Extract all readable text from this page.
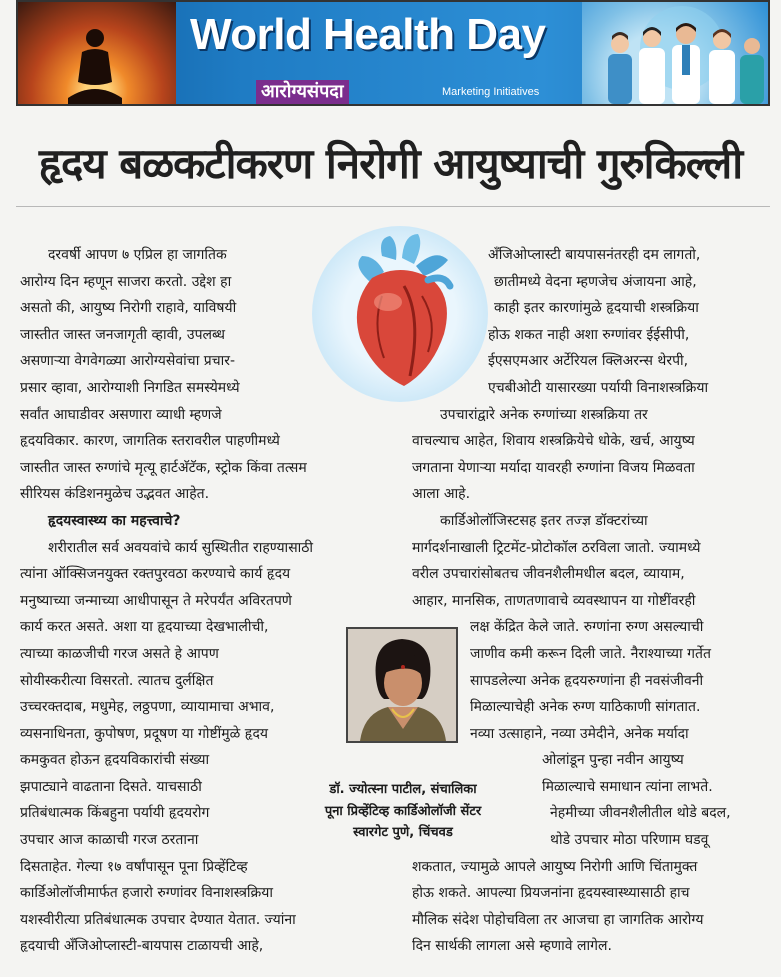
World Health Day
आरोग्यसंपदा	Marketing Initiatives
हृदय बळकटीकरण निरोगी आयुष्याची गुरुकिल्ली
दरवर्षी आपण ७ एप्रिल हा जागतिक
आरोग्य दिन म्हणून साजरा करतो. उद्देश हा
असतो की, आयुष्य निरोगी राहावे, याविषयी
जास्तीत जास्त जनजागृती व्हावी, उपलब्ध
असणाऱ्या वेगवेगळ्या आरोग्यसेवांचा प्रचार-
प्रसार व्हावा, आरोग्याशी निगडित समस्येमध्ये
सर्वांत आघाडीवर असणारा व्याधी म्हणजे
हृदयविकार. कारण, जागतिक स्तरावरील पाहणीमध्ये
जास्तीत जास्त रुग्णांचे मृत्यू हार्टअ‍ॅटॅक, स्ट्रोक किंवा तत्सम
सीरियस कंडिशनमुळेच उद्भवत आहेत.
हृदयस्वास्थ्य का महत्त्वाचे?
शरीरातील सर्व अवयवांचे कार्य सुस्थितीत राहण्यासाठी
त्यांना ऑक्सिजनयुक्त रक्तपुरवठा करण्याचे कार्य हृदय
मनुष्याच्या जन्माच्या आधीपासून ते मरेपर्यंत अविरतपणे
कार्य करत असते. अशा या हृदयाच्या देखभालीची,
त्याच्या काळजीची गरज असते हे आपण
सोयीस्करीत्या विसरतो. त्यातच दुर्लक्षित
उच्चरक्तदाब, मधुमेह, लठ्ठपणा, व्यायामाचा अभाव,
व्यसनाधिनता, कुपोषण, प्रदूषण या गोष्टींमुळे हृदय
कमकुवत होऊन हृदयविकारांची संख्या
झपाट्याने वाढताना दिसते. याचसाठी
प्रतिबंधात्मक किंबहुना पर्यायी हृदयरोग
उपचार आज काळाची गरज ठरताना
दिसताहेत. गेल्या १७ वर्षांपासून पूना प्रिव्हेंटिव्ह
कार्डिओलॉजीमार्फत हजारो रुग्णांवर विनाशस्त्रक्रिया
यशस्वीरीत्या प्रतिबंधात्मक उपचार देण्यात येतात. ज्यांना
हृदयाची अँजिओप्लास्टी-बायपास टाळायची आहे,
अँजिओप्लास्टी बायपासनंतरही दम लागतो,
छातीमध्ये वेदना म्हणजेच अंजायना आहे,
काही इतर कारणांमुळे हृदयाची शस्त्रक्रिया
होऊ शकत नाही अशा रुग्णांवर ईईसीपी,
ईएसएमआर अर्टेरियल क्लिअरन्स थेरपी,
एचबीओटी यासारख्या पर्यायी विनाशस्त्रक्रिया
उपचारांद्वारे अनेक रुग्णांच्या शस्त्रक्रिया तर
वाचल्याच आहेत, शिवाय शस्त्रक्रियेचे धोके, खर्च, आयुष्य
जगताना येणाऱ्या मर्यादा यावरही रुग्णांना विजय मिळवता
आला आहे.
कार्डिओलॉजिस्टसह इतर तज्ज्ञ डॉक्टरांच्या
मार्गदर्शनाखाली ट्रिटमेंट-प्रोटोकॉल ठरविला जातो. ज्यामध्ये
वरील उपचारांसोबतच जीवनशैलीमधील बदल, व्यायाम,
आहार, मानसिक, ताणतणावाचे व्यवस्थापन या गोष्टींवरही
लक्ष केंद्रित केले जाते. रुग्णांना रुग्ण असल्याची
जाणीव कमी करून दिली जाते. नैराश्याच्या गर्तेत
सापडलेल्या अनेक हृदयरुग्णांना ही नवसंजीवनी
मिळाल्याचेही अनेक रुग्ण याठिकाणी सांगतात.
नव्या उत्साहाने, नव्या उमेदीने, अनेक मर्यादा
ओलांडून पुन्हा नवीन आयुष्य
मिळाल्याचे समाधान त्यांना लाभते.
नेहमीच्या जीवनशैलीतील थोडे बदल,
थोडे उपचार मोठा परिणाम घडवू
शकतात, ज्यामुळे आपले आयुष्य निरोगी आणि चिंतामुक्त
होऊ शकते. आपल्या प्रियजनांना हृदयस्वास्थ्यासाठी हाच
मौलिक संदेश पोहोचविला तर आजचा हा जागतिक आरोग्य
दिन सार्थकी लागला असे म्हणावे लागेल.
डॉ. ज्योत्स्ना पाटील, संचालिका
पूना प्रिव्हेंटिव्ह कार्डिओलॉजी सेंटर
स्वारगेट पुणे, चिंचवड
